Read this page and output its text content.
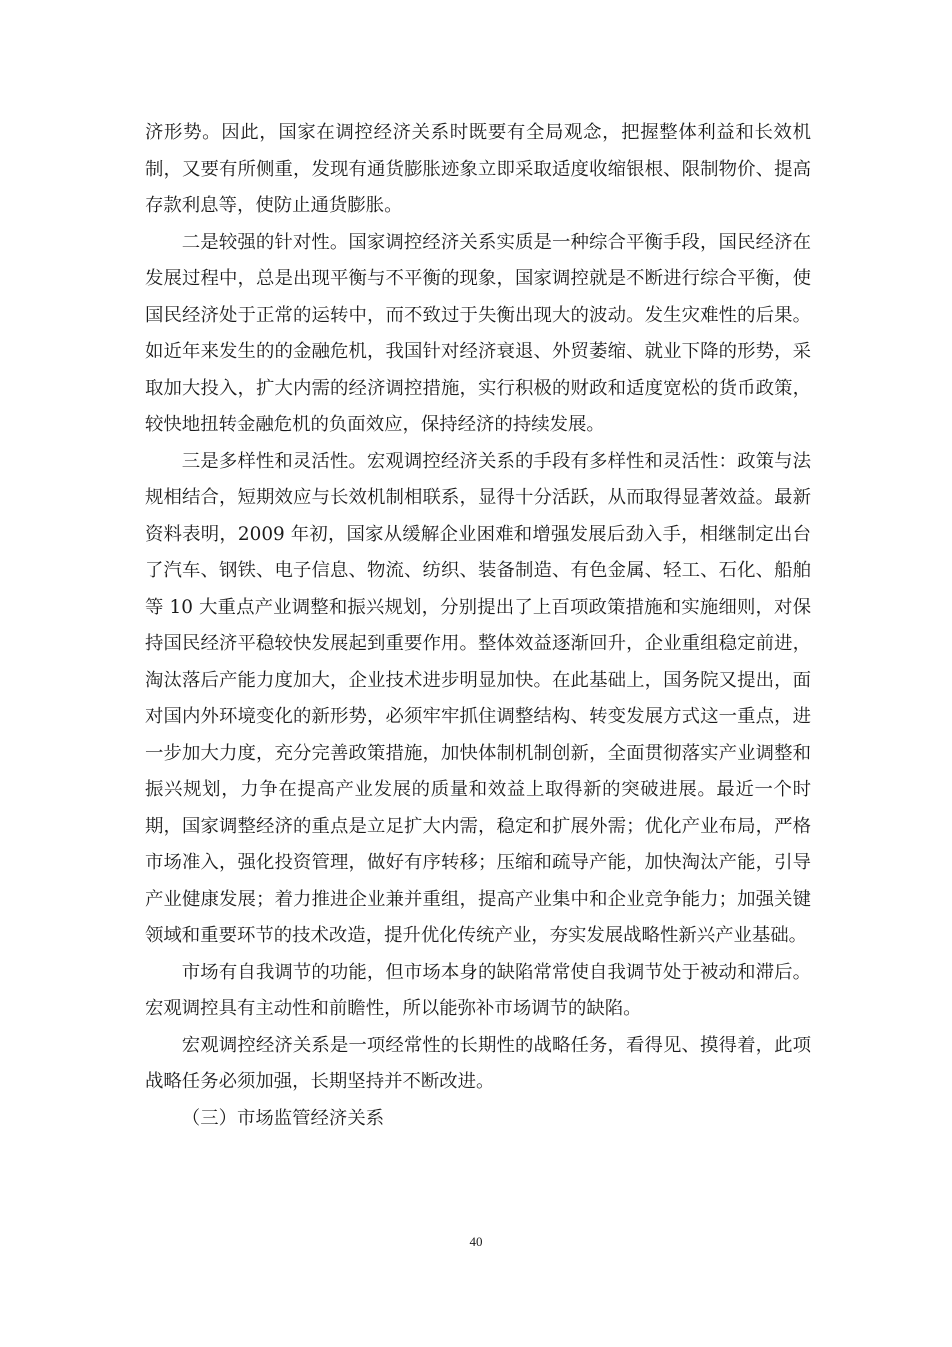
济形势。因此，国家在调控经济关系时既要有全局观念，把握整体利益和长效机制，又要有所侧重，发现有通货膨胀迹象立即采取适度收缩银根、限制物价、提高存款利息等，使防止通货膨胀。

二是较强的针对性。国家调控经济关系实质是一种综合平衡手段，国民经济在发展过程中，总是出现平衡与不平衡的现象，国家调控就是不断进行综合平衡，使国民经济处于正常的运转中，而不致过于失衡出现大的波动。发生灾难性的后果。如近年来发生的的金融危机，我国针对经济衰退、外贸萎缩、就业下降的形势，采取加大投入，扩大内需的经济调控措施，实行积极的财政和适度宽松的货币政策，较快地扭转金融危机的负面效应，保持经济的持续发展。

三是多样性和灵活性。宏观调控经济关系的手段有多样性和灵活性：政策与法规相结合，短期效应与长效机制相联系，显得十分活跃，从而取得显著效益。最新资料表明，2009 年初，国家从缓解企业困难和增强发展后劲入手，相继制定出台了汽车、钢铁、电子信息、物流、纺织、装备制造、有色金属、轻工、石化、船舶等 10 大重点产业调整和振兴规划，分别提出了上百项政策措施和实施细则，对保持国民经济平稳较快发展起到重要作用。整体效益逐渐回升，企业重组稳定前进，淘汰落后产能力度加大，企业技术进步明显加快。在此基础上，国务院又提出，面对国内外环境变化的新形势，必须牢牢抓住调整结构、转变发展方式这一重点，进一步加大力度，充分完善政策措施，加快体制机制创新，全面贯彻落实产业调整和振兴规划，力争在提高产业发展的质量和效益上取得新的突破进展。最近一个时期，国家调整经济的重点是立足扩大内需，稳定和扩展外需；优化产业布局，严格市场准入，强化投资管理，做好有序转移；压缩和疏导产能，加快淘汰产能，引导产业健康发展；着力推进企业兼并重组，提高产业集中和企业竞争能力；加强关键领域和重要环节的技术改造，提升优化传统产业，夯实发展战略性新兴产业基础。

市场有自我调节的功能，但市场本身的缺陷常常使自我调节处于被动和滞后。宏观调控具有主动性和前瞻性，所以能弥补市场调节的缺陷。

宏观调控经济关系是一项经常性的长期性的战略任务，看得见、摸得着，此项战略任务必须加强，长期坚持并不断改进。

（三）市场监管经济关系

40
